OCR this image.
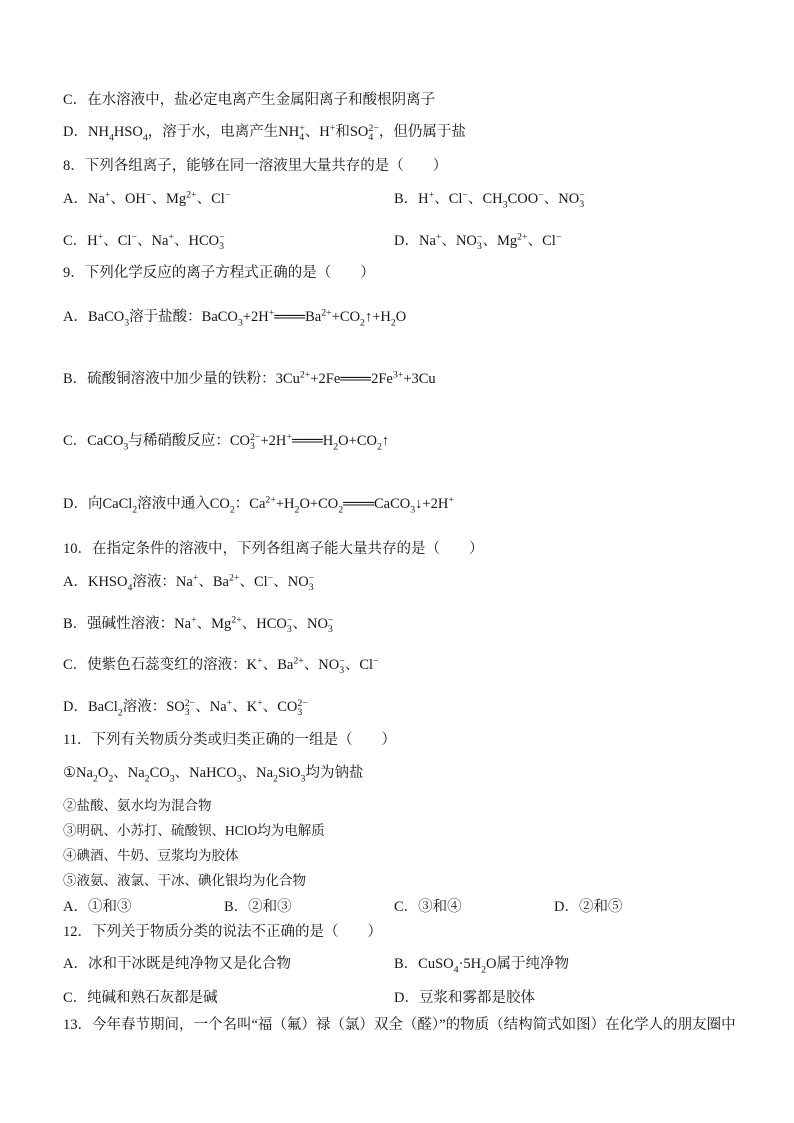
C．在水溶液中，盐必定电离产生金属阳离子和酸根阴离子
D．$NH_4HSO_4$，溶于水，电离产生NH +
4 、H+和SO 2−
4 ，但仍属于盐
8．下列各组离子，能够在同一溶液里大量共存的是（　　）
A．Na+、OH−、$Mg^{2+}$、Cl−	B．H+、Cl−、$CH_3COO^-$、NO −
3
C．H+、Cl−、Na+、HCO −
3	D．Na+、NO −
3 、$Mg^{2+}$、Cl−
9．下列化学反应的离子方程式正确的是（　　）
A．BaCO$_3$溶于盐酸：$BaCO_3+2H^+═══Ba^{2+}+CO_2↑+H_2O$
B．硫酸铜溶液中加少量的铁粉：$3Cu^{2+}+2Fe═══2Fe^{3+}+3Cu$
C．CaCO$_3$与稀硝酸反应：CO 2−
$3 +2H^+═══H_2O+CO_2↑$
D．向CaCl$_2$溶液中通入$CO_2$：$Ca^{2+}+H_2O+CO_2═══CaCO_3↓+2H^+$
10．在指定条件的溶液中，下列各组离子能大量共存的是（　　）
A．$KHSO_4$溶液：Na+、$Ba^{2+}$、Cl−、NO −
3
B．强碱性溶液：Na+、$Mg^{2+}$、HCO −
3 、NO −
3
C．使紫色石蕊变红的溶液：K+、$Ba^{2+}$、NO −
3 、Cl−
D．BaCl$_2$溶液：SO 2−
3 、Na+、K+、CO 2−
3
11．下列有关物质分类或归类正确的一组是（　　）
$①Na_2O_2$、$Na_2CO_3$、NaHCO$_3$、$Na_2SiO_3$均为钠盐
②盐酸、氨水均为混合物
③明矾、小苏打、硫酸钡、HClO均为电解质
④碘酒、牛奶、豆浆均为胶体
⑤液氨、液氯、干冰、碘化银均为化合物
A．①和③	B．②和③	C．③和④	D．②和⑤
12．下列关于物质分类的说法不正确的是（　　）
A．冰和干冰既是纯净物又是化合物	B．$CuSO_4\cdot 5H_2O$属于纯净物
C．纯碱和熟石灰都是碱	D．豆浆和雾都是胶体
13．今年春节期间，一个名叫“福（氟）禄（氯）双全（醛）”的物质（结构简式如图）在化学人的朋友圈中
